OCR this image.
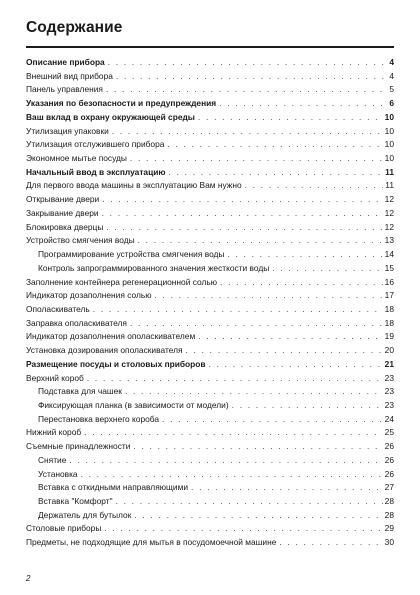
Содержание
Описание прибора . . .	4
Внешний вид прибора . . .	4
Панель управления . . .	5
Указания по безопасности и предупреждения . . .	6
Ваш вклад в охрану окружающей среды . . .	10
Утилизация упаковки . . .	10
Утилизация отслужившего прибора . . .	10
Экономное мытье посуды . . .	10
Начальный ввод в эксплуатацию . . .	11
Для первого ввода машины в эксплуатацию Вам нужно . . .	11
Открывание двери . . .	12
Закрывание двери . . .	12
Блокировка дверцы . . .	12
Устройство смягчения воды . . .	13
Программирование устройства смягчения воды . . .	14
Контроль запрограммированного значения жесткости воды . . .	15
Заполнение контейнера регенерационной солью . . .	16
Индикатор дозаполнения солью . . .	17
Ополаскиватель . . .	18
Заправка ополаскивателя . . .	18
Индикатор дозаполнения ополаскивателем . . .	19
Установка дозирования ополаскивателя . . .	20
Размещение посуды и столовых приборов . . .	21
Верхний короб . . .	23
Подставка для чашек . . .	23
Фиксирующая планка (в зависимости от модели) . . .	23
Перестановка верхнего короба . . .	24
Нижний короб . . .	25
Съемные принадлежности . . .	26
Снятие . . .	26
Установка . . .	26
Вставка с откидными направляющими . . .	27
Вставка "Комфорт" . . .	28
Держатель для бутылок . . .	28
Столовые приборы . . .	29
Предметы, не подходящие для мытья в посудомоечной машине . . .	30
2
